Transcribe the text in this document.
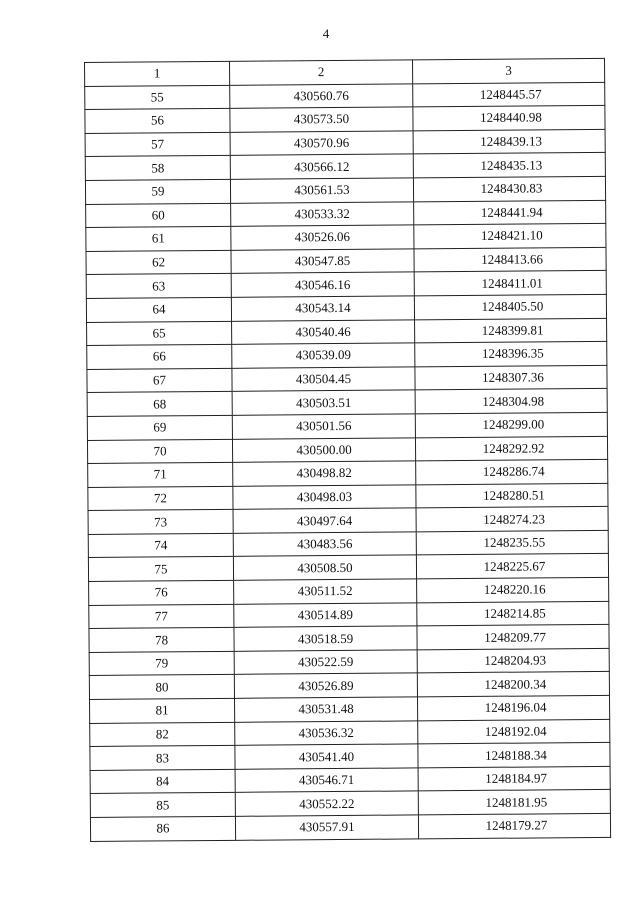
4
1	2	3
55	430560.76	1248445.57
56	430573.50	1248440.98
57	430570.96	1248439.13
58	430566.12	1248435.13
59	430561.53	1248430.83
60	430533.32	1248441.94
61	430526.06	1248421.10
62	430547.85	1248413.66
63	430546.16	1248411.01
64	430543.14	1248405.50
65	430540.46	1248399.81
66	430539.09	1248396.35
67	430504.45	1248307.36
68	430503.51	1248304.98
69	430501.56	1248299.00
70	430500.00	1248292.92
71	430498.82	1248286.74
72	430498.03	1248280.51
73	430497.64	1248274.23
74	430483.56	1248235.55
75	430508.50	1248225.67
76	430511.52	1248220.16
77	430514.89	1248214.85
78	430518.59	1248209.77
79	430522.59	1248204.93
80	430526.89	1248200.34
81	430531.48	1248196.04
82	430536.32	1248192.04
83	430541.40	1248188.34
84	430546.71	1248184.97
85	430552.22	1248181.95
86	430557.91	1248179.27
